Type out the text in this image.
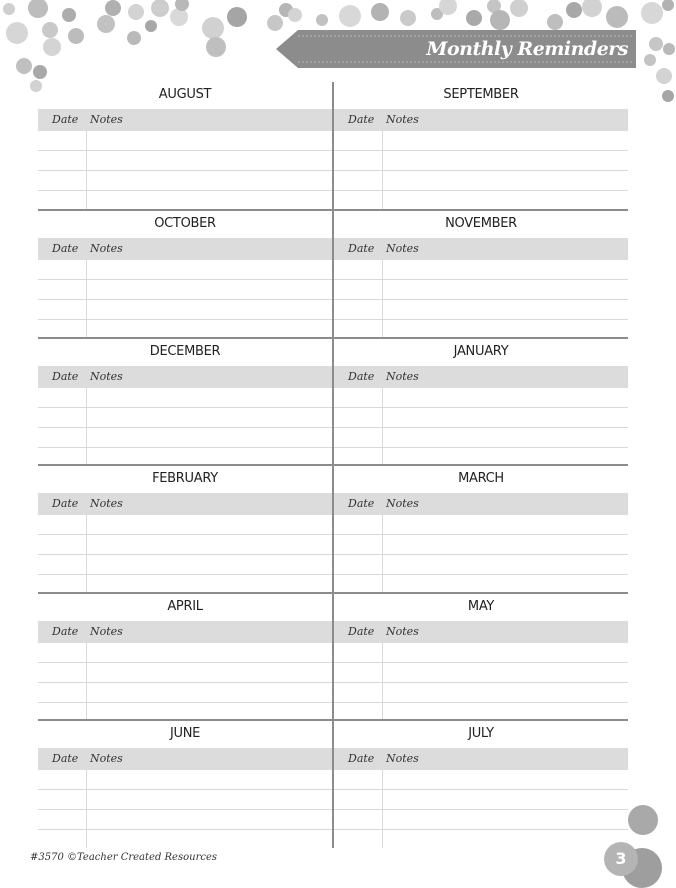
Monthly Reminders
AUGUST
Date Notes
SEPTEMBER
Date Notes
OCTOBER
Date Notes
NOVEMBER
Date Notes
DECEMBER
Date Notes
JANUARY
Date Notes
FEBRUARY
Date Notes
MARCH
Date Notes
APRIL
Date Notes
MAY
Date Notes
JUNE
Date Notes
JULY
Date Notes
3
#3570 ©Teacher Created Resources
